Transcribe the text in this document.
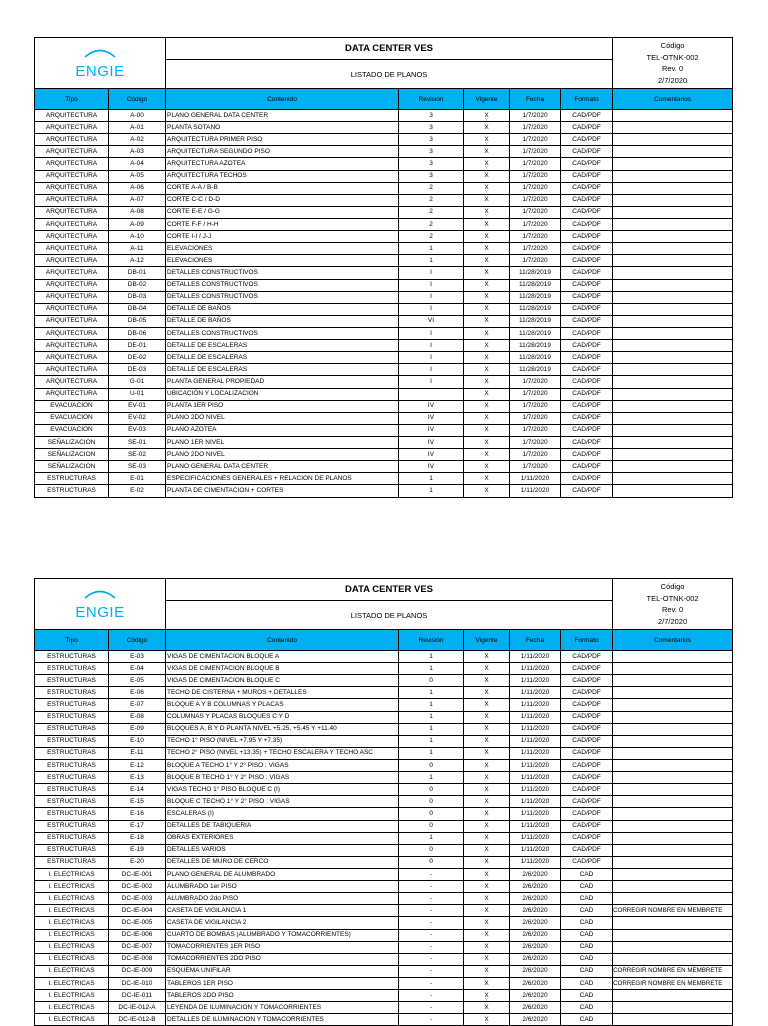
ENGIE		DATA CENTER VES					Código
TEL-OTNK-002
Rev. 0
2/7/2020

		LISTADO DE PLANOS					
Tipo	Código	Contenido	Revisión	Vigente	Fecha	Formato	Comentarios
ARQUITECTURA	A-00	PLANO GENERAL DATA CENTER	3	X	1/7/2020	CAD/PDF	
ARQUITECTURA	A-01	PLANTA SOTANO	3	X	1/7/2020	CAD/PDF	
ARQUITECTURA	A-02	ARQUITECTURA PRIMER PISO	3	X	1/7/2020	CAD/PDF	
ARQUITECTURA	A-03	ARQUITECTURA SEGUNDO PISO	3	X	1/7/2020	CAD/PDF	
ARQUITECTURA	A-04	ARQUITECTURA AZOTEA	3	X	1/7/2020	CAD/PDF	
ARQUITECTURA	A-05	ARQUITECTURA TECHOS	3	X	1/7/2020	CAD/PDF	
ARQUITECTURA	A-06	CORTE A-A / B-B	2	X	1/7/2020	CAD/PDF	
ARQUITECTURA	A-07	CORTE C-C / D-D	2	X	1/7/2020	CAD/PDF	
ARQUITECTURA	A-08	CORTE E-E / G-G	2	X	1/7/2020	CAD/PDF	
ARQUITECTURA	A-09	CORTE F-F / H-H	2	X	1/7/2020	CAD/PDF	
ARQUITECTURA	A-10	CORTE I-I / J-J	2	X	1/7/2020	CAD/PDF	
ARQUITECTURA	A-11	ELEVACIONES	1	X	1/7/2020	CAD/PDF	
ARQUITECTURA	A-12	ELEVACIONES	1	X	1/7/2020	CAD/PDF	
ARQUITECTURA	DB-01	DETALLES CONSTRUCTIVOS	I	X	11/28/2019	CAD/PDF	
ARQUITECTURA	DB-02	DETALLES CONSTRUCTIVOS	I	X	11/28/2019	CAD/PDF	
ARQUITECTURA	DB-03	DETALLES CONSTRUCTIVOS	I	X	11/28/2019	CAD/PDF	
ARQUITECTURA	DB-04	DETALLE DE BAÑOS	I	X	11/28/2019	CAD/PDF	
ARQUITECTURA	DB-05	DETALLE DE BAÑOS	VI	X	11/28/2019	CAD/PDF	
ARQUITECTURA	DB-06	DETALLES CONSTRUCTIVOS	I	X	11/28/2019	CAD/PDF	
ARQUITECTURA	DE-01	DETALLE DE ESCALERAS	I	X	11/28/2019	CAD/PDF	
ARQUITECTURA	DE-02	DETALLE DE ESCALERAS	I	X	11/28/2019	CAD/PDF	
ARQUITECTURA	DE-03	DETALLE DE ESCALERAS	I	X	11/28/2019	CAD/PDF	
ARQUITECTURA	G-01	PLANTA GENERAL PROPIEDAD	I	X	1/7/2020	CAD/PDF	
ARQUITECTURA	U-01	UBICACIÓN Y LOCALIZACION		X	1/7/2020	CAD/PDF	
EVACUACION	EV-01	PLANTA 1ER PISO	IV	X	1/7/2020	CAD/PDF	
EVACUACION	EV-02	PLANO 2DO NIVEL	IV	X	1/7/2020	CAD/PDF	
EVACUACION	EV-03	PLANO AZOTEA	IV	X	1/7/2020	CAD/PDF	
SEÑALIZACION	SE-01	PLANO 1ER NIVEL	IV	X	1/7/2020	CAD/PDF	
SEÑALIZACION	SE-02	PLANO 2DO NIVEL	IV	X	1/7/2020	CAD/PDF	
SEÑALIZACION	SE-03	PLANO GENERAL DATA CENTER	IV	X	1/7/2020	CAD/PDF	
ESTRUCTURAS	E-01	ESPECIFICACIONES GENERALES + RELACION DE PLANOS	1	X	1/11/2020	CAD/PDF	
ESTRUCTURAS	E-02	PLANTA DE CIMENTACION + CORTES	1	X	1/11/2020	CAD/PDF	

ENGIE		DATA CENTER VES					Código
TEL-OTNK-002
Rev. 0
2/7/2020

		LISTADO DE PLANOS					
Tipo	Código	Contenido	Revisión	Vigente	Fecha	Formato	Comentarios
ESTRUCTURAS	E-03	VIGAS DE CIMENTACION BLOQUE A	1	X	1/11/2020	CAD/PDF	
ESTRUCTURAS	E-04	VIGAS DE CIMENTACION BLOQUE B	1	X	1/11/2020	CAD/PDF	
ESTRUCTURAS	E-05	VIGAS DE CIMENTACION BLOQUE C	0	X	1/11/2020	CAD/PDF	
ESTRUCTURAS	E-06	TECHO DE CISTERNA + MUROS + DETALLES	1	X	1/11/2020	CAD/PDF	
ESTRUCTURAS	E-07	BLOQUE A Y B COLUMNAS Y PLACAS	1	X	1/11/2020	CAD/PDF	
ESTRUCTURAS	E-08	COLUMNAS Y PLACAS BLOQUES C Y D	1	X	1/11/2020	CAD/PDF	
ESTRUCTURAS	E-09	BLOQUES A, B Y D PLANTA NIVEL +5.25, +5.45 Y +11.40	1	X	1/11/2020	CAD/PDF	
ESTRUCTURAS	E-10	TECHO 1° PISO (NIVEL +7.95 Y +7.35)	1	X	1/11/2020	CAD/PDF	
ESTRUCTURAS	E-11	TECHO 2° PISO (NIVEL +13.35) + TECHO ESCALERA Y TECHO ASC	1	X	1/11/2020	CAD/PDF	
ESTRUCTURAS	E-12	BLOQUE A TECHO 1° Y 2° PISO : VIGAS	0	X	1/11/2020	CAD/PDF	
ESTRUCTURAS	E-13	BLOQUE B TECHO 1° Y 2° PISO : VIGAS	1	X	1/11/2020	CAD/PDF	
ESTRUCTURAS	E-14	VIGAS TECHO 1° PISO BLOQUE C (I)	0	X	1/11/2020	CAD/PDF	
ESTRUCTURAS	E-15	BLOQUE C TECHO 1° Y 2° PISO : VIGAS	0	X	1/11/2020	CAD/PDF	
ESTRUCTURAS	E-16	ESCALERAS (I)	0	X	1/11/2020	CAD/PDF	
ESTRUCTURAS	E-17	DETALLES DE TABIQUERIA	0	X	1/11/2020	CAD/PDF	
ESTRUCTURAS	E-18	OBRAS EXTERIORES	1	X	1/11/2020	CAD/PDF	
ESTRUCTURAS	E-19	DETALLES VARIOS	0	X	1/11/2020	CAD/PDF	
ESTRUCTURAS	E-20	DETALLES DE MURO DE CERCO	0	X	1/11/2020	CAD/PDF	
I. ELECTRICAS	DC-IE-001	PLANO GENERAL DE ALUMBRADO	-	X	2/6/2020	CAD	
I. ELECTRICAS	DC-IE-002	ALUMBRADO 1er PISO	-	X	2/6/2020	CAD	
I. ELECTRICAS	DC-IE-003	ALUMBRADO 2do PISO	-	X	2/6/2020	CAD	
I. ELECTRICAS	DC-IE-004	CASETA DE VIGILANCIA 1	-	X	2/6/2020	CAD	CORREGIR NOMBRE EN MEMBRETE
I. ELECTRICAS	DC-IE-005	CASETA DE VIGILANCIA 2	-	X	2/6/2020	CAD	
I. ELECTRICAS	DC-IE-006	CUARTO DE BOMBAS (ALUMBRADO Y TOMACORRIENTES)	-	X	2/6/2020	CAD	
I. ELECTRICAS	DC-IE-007	TOMACORRIENTES 1ER PISO	-	X	2/6/2020	CAD	
I. ELECTRICAS	DC-IE-008	TOMACORRIENTES 2DO PISO	-	X	2/6/2020	CAD	
I. ELECTRICAS	DC-IE-009	ESQUEMA UNIFILAR	-	X	2/6/2020	CAD	CORREGIR NOMBRE EN MEMBRETE
I. ELECTRICAS	DC-IE-010	TABLEROS 1ER PISO	-	X	2/6/2020	CAD	CORREGIR NOMBRE EN MEMBRETE
I. ELECTRICAS	DC-IE-011	TABLEROS 2DO PISO	-	X	2/6/2020	CAD	
I. ELECTRICAS	DC-IE-012-A	LEYENDA DE ILUMINACION Y TOMACORRIENTES	-	X	2/6/2020	CAD	
I. ELECTRICAS	DC-IE-012-B	DETALLES DE ILUMINACION Y TOMACORRIENTES	-	X	2/6/2020	CAD	
